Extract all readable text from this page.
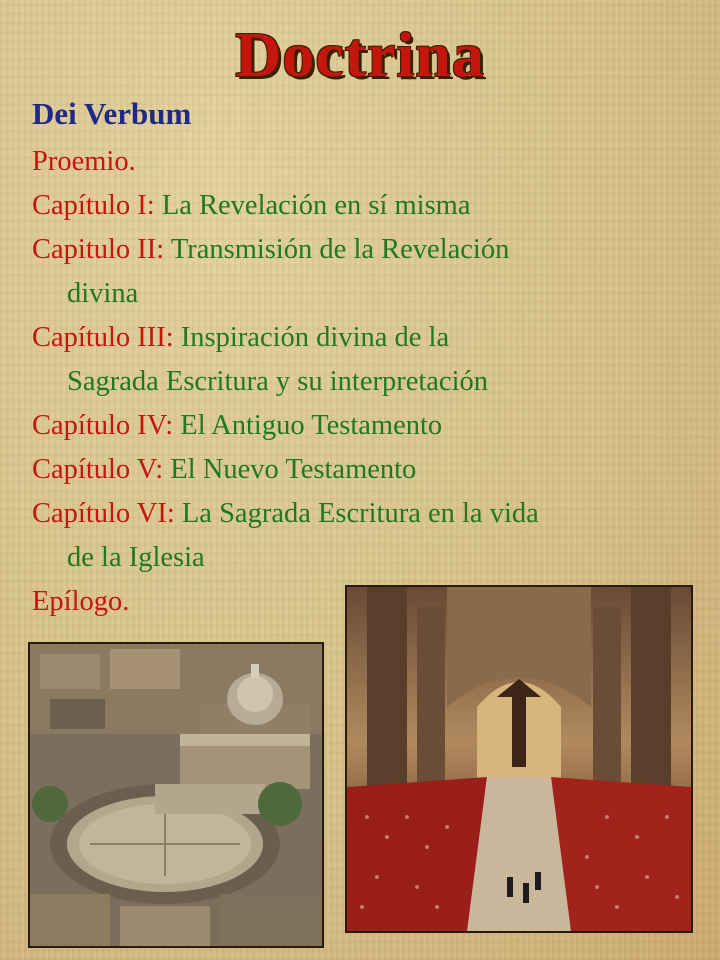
Doctrina
Dei Verbum
Proemio.
Capítulo I: La Revelación en sí misma
Capitulo II: Transmisión de la Revelación
divina
Capítulo III: Inspiración divina de la
Sagrada Escritura y su interpretación
Capítulo IV: El Antiguo Testamento
Capítulo V: El Nuevo Testamento
Capítulo VI: La Sagrada Escritura en la vida
de la Iglesia
Epílogo.
